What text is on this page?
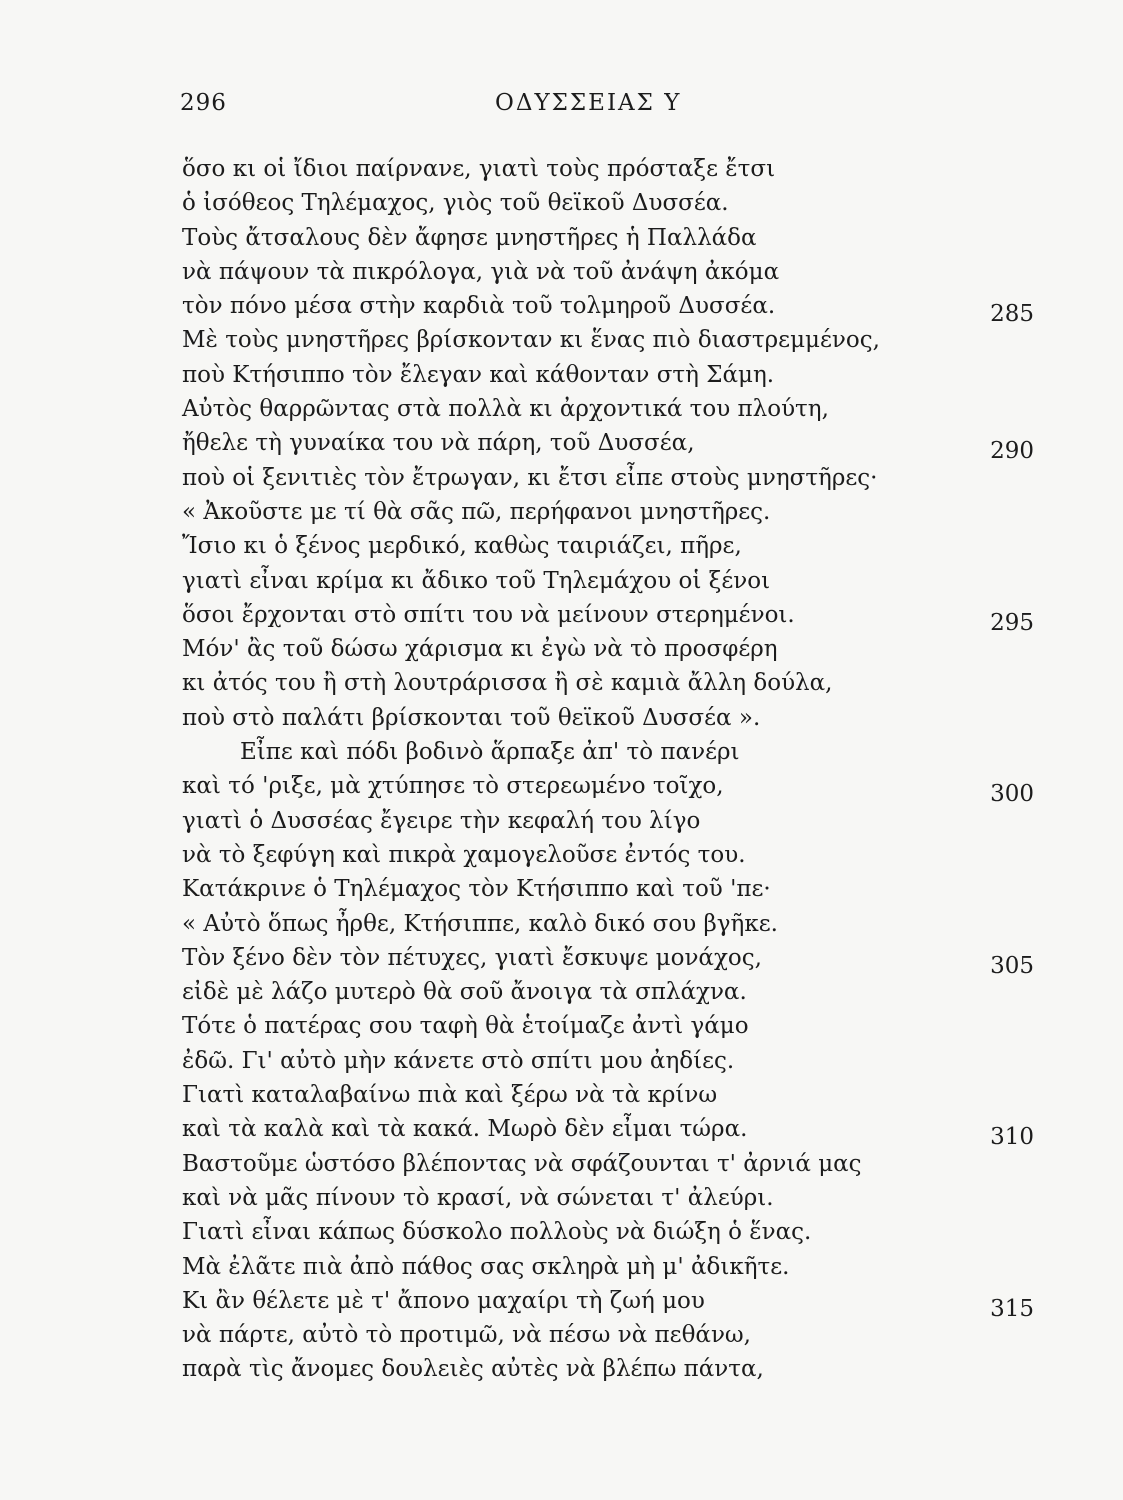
296	ΟΔΥΣΣΕΙΑΣ Υ
ὅσο κι οἱ ἴδιοι παίρνανε, γιατὶ τοὺς πρόσταξε ἔτσι
ὁ ἰσόθεος Τηλέμαχος, γιὸς τοῦ θεϊκοῦ Δυσσέα.
Τοὺς ἄτσαλους δὲν ἄφησε μνηστῆρες ἡ Παλλάδα
νὰ πάψουν τὰ πικρόλογα, γιὰ νὰ τοῦ ἀνάψη ἀκόμα
τὸν πόνο μέσα στὴν καρδιὰ τοῦ τολμηροῦ Δυσσέα.	285
Μὲ τοὺς μνηστῆρες βρίσκονταν κι ἕνας πιὸ διαστρεμμένος,
ποὺ Κτήσιππο τὸν ἔλεγαν καὶ κάθονταν στὴ Σάμη.
Αὐτὸς θαρρῶντας στὰ πολλὰ κι ἀρχοντικά του πλούτη,
ἤθελε τὴ γυναίκα του νὰ πάρη, τοῦ Δυσσέα,	290
ποὺ οἱ ξενιτιὲς τὸν ἔτρωγαν, κι ἔτσι εἶπε στοὺς μνηστῆρες·
« Ἀκοῦστε με τί θὰ σᾶς πῶ, περήφανοι μνηστῆρες.
Ἴσιο κι ὁ ξένος μερδικό, καθὼς ταιριάζει, πῆρε,
γιατὶ εἶναι κρίμα κι ἄδικο τοῦ Τηλεμάχου οἱ ξένοι
ὅσοι ἔρχονται στὸ σπίτι του νὰ μείνουν στερημένοι.	295
Μόν' ἂς τοῦ δώσω χάρισμα κι ἐγὼ νὰ τὸ προσφέρη
κι ἀτός του ἢ στὴ λουτράρισσα ἢ σὲ καμιὰ ἄλλη δούλα,
ποὺ στὸ παλάτι βρίσκονται τοῦ θεϊκοῦ Δυσσέα ».
Εἶπε καὶ πόδι βοδινὸ ἅρπαξε ἀπ' τὸ πανέρι
καὶ τό 'ριξε, μὰ χτύπησε τὸ στερεωμένο τοῖχο,	300
γιατὶ ὁ Δυσσέας ἔγειρε τὴν κεφαλή του λίγο
νὰ τὸ ξεφύγη καὶ πικρὰ χαμογελοῦσε ἐντός του.
Κατάκρινε ὁ Τηλέμαχος τὸν Κτήσιππο καὶ τοῦ 'πε·
« Αὐτὸ ὅπως ἦρθε, Κτήσιππε, καλὸ δικό σου βγῆκε.
Τὸν ξένο δὲν τὸν πέτυχες, γιατὶ ἔσκυψε μονάχος,	305
εἰδὲ μὲ λάζο μυτερὸ θὰ σοῦ ἄνοιγα τὰ σπλάχνα.
Τότε ὁ πατέρας σου ταφὴ θὰ ἑτοίμαζε ἀντὶ γάμο
ἐδῶ. Γι' αὐτὸ μὴν κάνετε στὸ σπίτι μου ἀηδίες.
Γιατὶ καταλαβαίνω πιὰ καὶ ξέρω νὰ τὰ κρίνω
καὶ τὰ καλὰ καὶ τὰ κακά. Μωρὸ δὲν εἶμαι τώρα.	310
Βαστοῦμε ὡστόσο βλέποντας νὰ σφάζουνται τ' ἀρνιά μας
καὶ νὰ μᾶς πίνουν τὸ κρασί, νὰ σώνεται τ' ἀλεύρι.
Γιατὶ εἶναι κάπως δύσκολο πολλοὺς νὰ διώξη ὁ ἕνας.
Μὰ ἐλᾶτε πιὰ ἀπὸ πάθος σας σκληρὰ μὴ μ' ἀδικῆτε.
Κι ἂν θέλετε μὲ τ' ἄπονο μαχαίρι τὴ ζωή μου	315
νὰ πάρτε, αὐτὸ τὸ προτιμῶ, νὰ πέσω νὰ πεθάνω,
παρὰ τὶς ἄνομες δουλειὲς αὐτὲς νὰ βλέπω πάντα,
